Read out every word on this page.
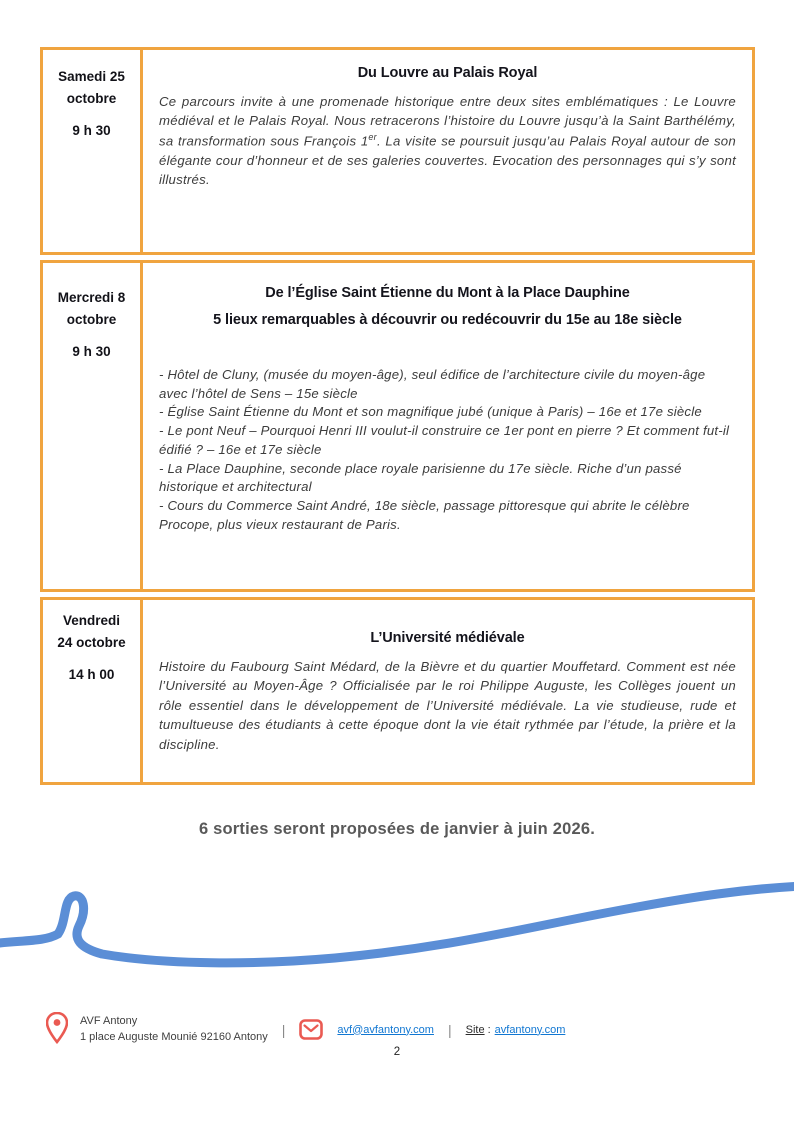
Samedi 25
octobre
9 h 30
Du Louvre au Palais Royal
Ce parcours invite à une promenade historique entre deux sites emblématiques : Le Louvre médiéval et le Palais Royal. Nous retracerons l’histoire du Louvre jusqu’à la Saint Barthélémy, sa transformation sous François 1er. La visite se poursuit jusqu’au Palais Royal autour de son élégante cour d’honneur et de ses galeries couvertes. Evocation des personnages qui s’y sont illustrés.
Mercredi 8
octobre
9 h 30
De l’Église Saint Étienne du Mont à la Place Dauphine
5 lieux remarquables à découvrir ou redécouvrir du 15e au 18e siècle

- Hôtel de Cluny, (musée du moyen-âge), seul édifice de l’architecture civile du moyen-âge avec l’hôtel de Sens – 15e siècle

- Église Saint Étienne du Mont et son magnifique jubé (unique à Paris) – 16e et 17e siècle

- Le pont Neuf – Pourquoi Henri III voulut-il construire ce 1er pont en pierre ? Et comment fut-il édifié ? – 16e et 17e siècle

- La Place Dauphine, seconde place royale parisienne du 17e siècle. Riche d’un passé historique et architectural

- Cours du Commerce Saint André, 18e siècle, passage pittoresque qui abrite le célèbre Procope, plus vieux restaurant de Paris.

Vendredi
24 octobre
14 h 00
L’Université médiévale
Histoire du Faubourg Saint Médard, de la Bièvre et du quartier Mouffetard. Comment est née l’Université au Moyen-Âge ? Officialisée par le roi Philippe Auguste, les Collèges jouent un rôle essentiel dans le développement de l’Université médiévale. La vie studieuse, rude et tumultueuse des étudiants à cette époque dont la vie était rythmée par l’étude, la prière et la discipline.
6 sorties seront proposées de janvier à juin 2026.
AVF Antony
1 place Auguste Mounié 92160 Antony |	avf@avfantony.com | Site : avfantony.com
2
